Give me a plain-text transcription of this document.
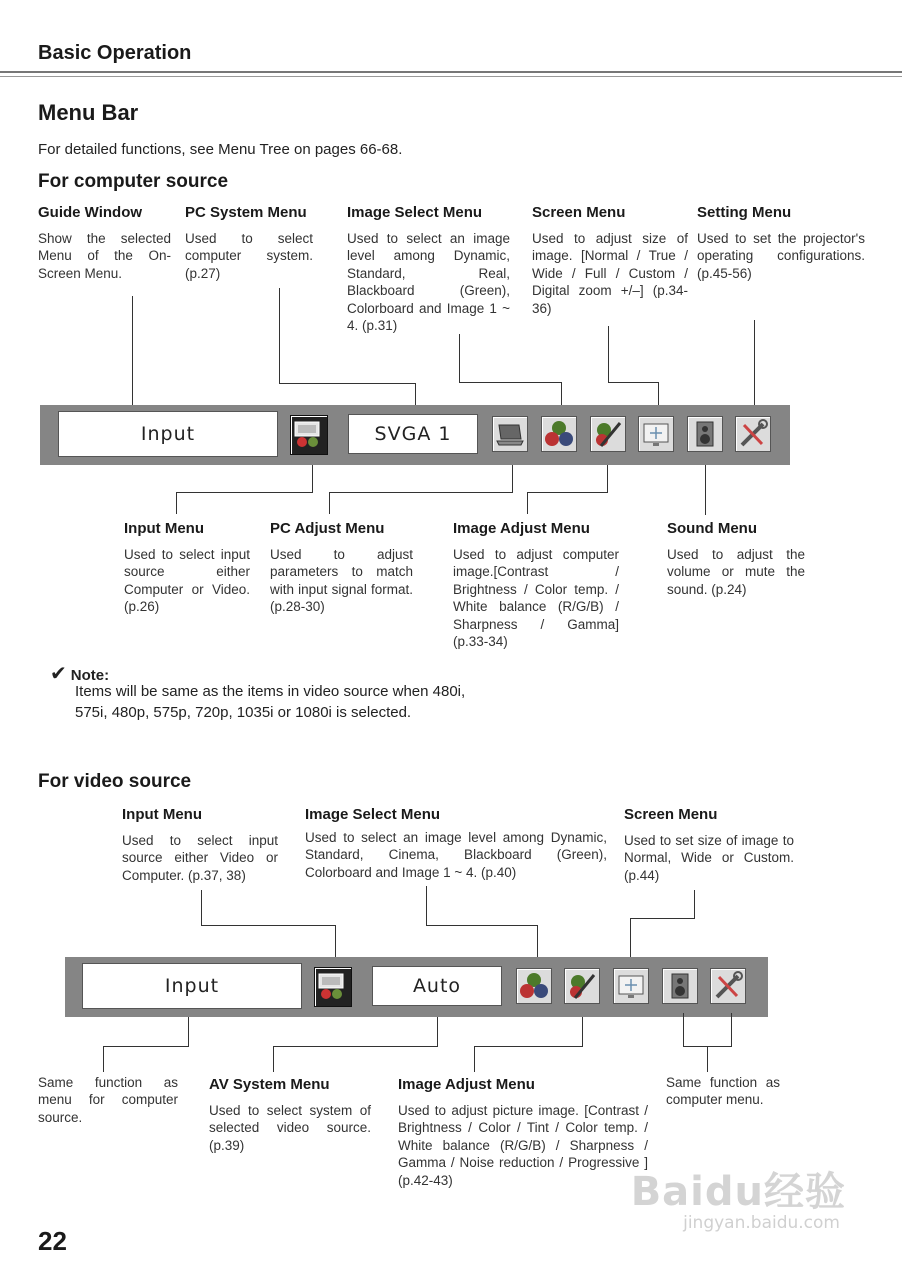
Basic Operation
Menu Bar
For detailed functions, see Menu Tree on pages 66-68.
For computer source
Guide Window
Show the selected Menu of the On-Screen Menu.
PC System Menu
Used to select computer system. (p.27)
Image Select Menu
Used to select an image level among Dynamic, Standard, Real, Blackboard (Green), Colorboard and Image 1 ~ 4. (p.31)
Screen Menu
Used to adjust size of image. [Normal / True / Wide / Full / Custom / Digital zoom +/–] (p.34-36)
Setting Menu
Used to set the projector's operating configurations. (p.45-56)
Input	SVGA 1
Input Menu
Used to select input source either Computer or Video. (p.26)
PC Adjust Menu
Used to adjust parameters to match with input signal format. (p.28-30)
Image Adjust Menu
Used to adjust computer image.[Contrast / Brightness / Color temp. / White balance (R/G/B) / Sharpness / Gamma] (p.33-34)
Sound Menu
Used to adjust the volume or mute the sound. (p.24)
✔ Note:
Items will be same as the items in video source when 480i, 575i, 480p, 575p, 720p, 1035i or 1080i is selected.
For video source
Input Menu
Used to select input source either Video or Computer. (p.37, 38)
Image Select Menu
Used to select an image level among Dynamic, Standard, Cinema, Blackboard (Green), Colorboard and Image 1 ~ 4. (p.40)
Screen Menu
Used to set size of image to Normal, Wide or Custom. (p.44)
Input	Auto
Same function as menu for computer source.
AV System Menu
Used to select system of selected video source. (p.39)
Image Adjust Menu
Used to adjust picture image. [Contrast / Brightness / Color / Tint / Color temp. / White balance (R/G/B) / Sharpness / Gamma / Noise reduction / Progressive ] (p.42-43)
Same function as computer menu.
22
Baidu经验
jingyan.baidu.com
